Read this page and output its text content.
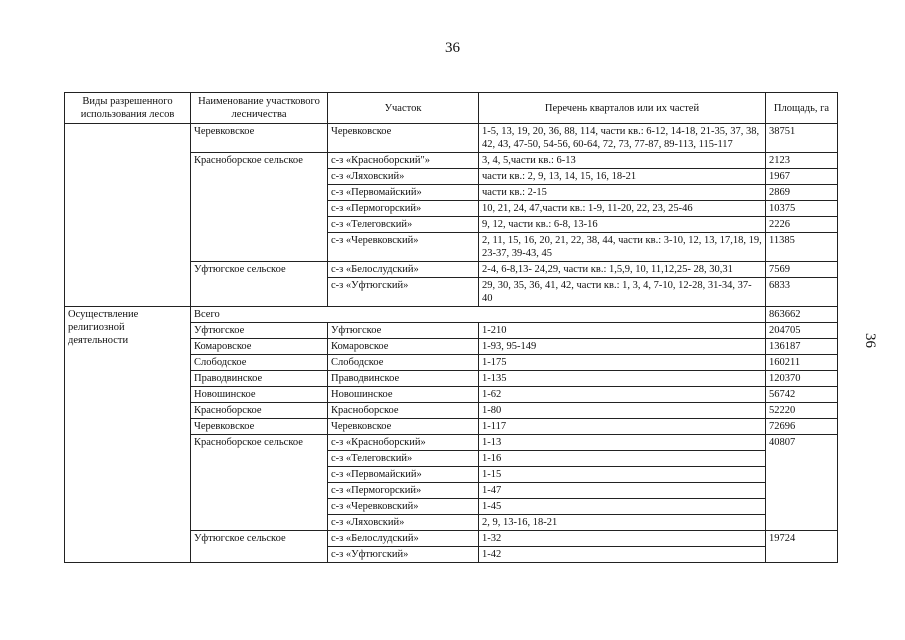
36
36
Виды разрешенного использования лесов	Наименование участкового лесничества	Участок	Перечень кварталов или их частей	Площадь, га
	Черевковское	Черевковское	1-5, 13, 19, 20, 36, 88, 114, части кв.: 6-12, 14-18, 21-35, 37, 38, 42, 43, 47-50, 54-56, 60-64, 72, 73, 77-87, 89-113, 115-117	38751
	Красноборское сельское	с-з «Красноборский"»	3, 4, 5,части кв.: 6-13	2123
		с-з «Ляховский»	части кв.: 2, 9, 13, 14, 15, 16, 18-21	1967
		с-з «Первомайский»	части кв.: 2-15	2869
		с-з «Пермогорский»	10, 21, 24, 47,части кв.: 1-9, 11-20, 22, 23, 25-46	10375
		с-з «Телеговский»	9, 12, части кв.: 6-8, 13-16	2226
		с-з «Черевковский»	2, 11, 15, 16, 20, 21, 22, 38, 44, части кв.: 3-10, 12, 13, 17,18, 19, 23-37, 39-43, 45	11385
	Уфтюгское сельское	с-з «Белослудский»	2-4, 6-8,13- 24,29, части кв.: 1,5,9, 10, 11,12,25- 28, 30,31	7569
		с-з «Уфтюгский»	29, 30, 35, 36, 41, 42, части кв.: 1, 3, 4, 7-10, 12-28, 31-34, 37-40	6833
Осуществление религиозной деятельности	Всего			863662
	Уфтюгское	Уфтюгское	1-210	204705
	Комаровское	Комаровское	1-93, 95-149	136187
	Слободское	Слободское	1-175	160211
	Праводвинское	Праводвинское	1-135	120370
	Новошинское	Новошинское	1-62	56742
	Красноборское	Красноборское	1-80	52220
	Черевковское	Черевковское	1-117	72696
	Красноборское сельское	с-з «Красноборский»	1-13	40807
		с-з «Телеговский»	1-16	
		с-з «Первомайский»	1-15	
		с-з «Пермогорский»	1-47	
		с-з «Черевковский»	1-45	
		с-з «Ляховский»	2, 9, 13-16, 18-21	
	Уфтюгское сельское	с-з «Белослудский»	1-32	19724
		с-з «Уфтюгский»	1-42	
